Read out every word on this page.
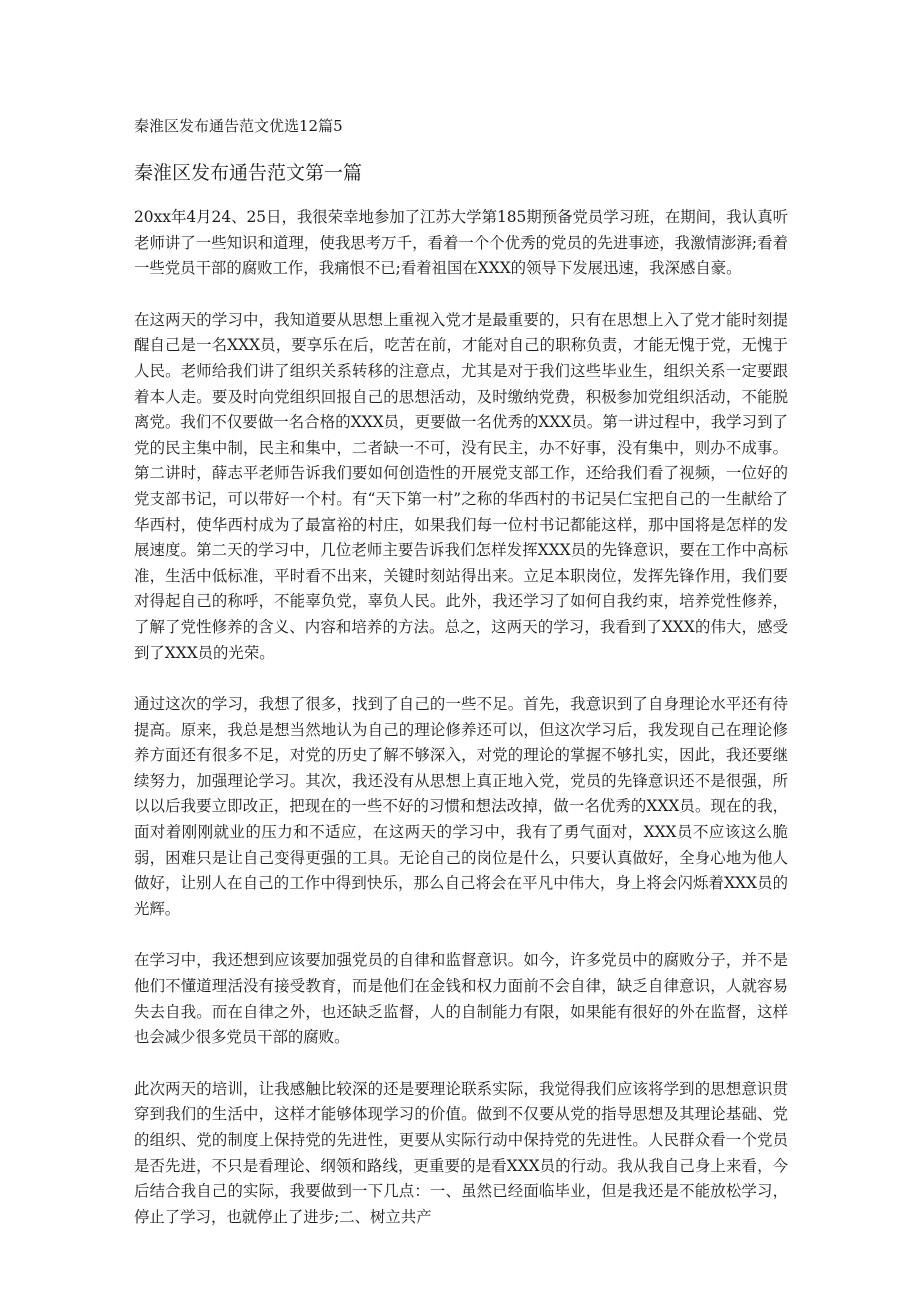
秦淮区发布通告范文优选12篇5
秦淮区发布通告范文第一篇

20xx年4月24、25日，我很荣幸地参加了江苏大学第185期预备党员学习班，在期间，我认真听老师讲了一些知识和道理，使我思考万千，看着一个个优秀的党员的先进事迹，我激情澎湃;看着一些党员干部的腐败工作，我痛恨不已;看着祖国在XXX的领导下发展迅速，我深感自豪。

在这两天的学习中，我知道要从思想上重视入党才是最重要的，只有在思想上入了党才能时刻提醒自己是一名XXX员，要享乐在后，吃苦在前，才能对自己的职称负责，才能无愧于党，无愧于人民。老师给我们讲了组织关系转移的注意点，尤其是对于我们这些毕业生，组织关系一定要跟着本人走。要及时向党组织回报自己的思想活动，及时缴纳党费，积极参加党组织活动，不能脱离党。我们不仅要做一名合格的XXX员，更要做一名优秀的XXX员。第一讲过程中，我学习到了党的民主集中制，民主和集中，二者缺一不可，没有民主，办不好事，没有集中，则办不成事。第二讲时，薛志平老师告诉我们要如何创造性的开展党支部工作，还给我们看了视频，一位好的党支部书记，可以带好一个村。有“天下第一村”之称的华西村的书记吴仁宝把自己的一生献给了华西村，使华西村成为了最富裕的村庄，如果我们每一位村书记都能这样，那中国将是怎样的发展速度。第二天的学习中，几位老师主要告诉我们怎样发挥XXX员的先锋意识，要在工作中高标准，生活中低标准，平时看不出来，关键时刻站得出来。立足本职岗位，发挥先锋作用，我们要对得起自己的称呼，不能辜负党，辜负人民。此外，我还学习了如何自我约束，培养党性修养，了解了党性修养的含义、内容和培养的方法。总之，这两天的学习，我看到了XXX的伟大，感受到了XXX员的光荣。

通过这次的学习，我想了很多，找到了自己的一些不足。首先，我意识到了自身理论水平还有待提高。原来，我总是想当然地认为自己的理论修养还可以，但这次学习后，我发现自己在理论修养方面还有很多不足，对党的历史了解不够深入，对党的理论的掌握不够扎实，因此，我还要继续努力，加强理论学习。其次，我还没有从思想上真正地入党，党员的先锋意识还不是很强，所以以后我要立即改正，把现在的一些不好的习惯和想法改掉，做一名优秀的XXX员。现在的我，面对着刚刚就业的压力和不适应，在这两天的学习中，我有了勇气面对，XXX员不应该这么脆弱，困难只是让自己变得更强的工具。无论自己的岗位是什么，只要认真做好，全身心地为他人做好，让别人在自己的工作中得到快乐，那么自己将会在平凡中伟大，身上将会闪烁着XXX员的光辉。

在学习中，我还想到应该要加强党员的自律和监督意识。如今，许多党员中的腐败分子，并不是他们不懂道理活没有接受教育，而是他们在金钱和权力面前不会自律，缺乏自律意识，人就容易失去自我。而在自律之外，也还缺乏监督，人的自制能力有限，如果能有很好的外在监督，这样也会减少很多党员干部的腐败。

此次两天的培训，让我感触比较深的还是要理论联系实际，我觉得我们应该将学到的思想意识贯穿到我们的生活中，这样才能够体现学习的价值。做到不仅要从党的指导思想及其理论基础、党的组织、党的制度上保持党的先进性，更要从实际行动中保持党的先进性。人民群众看一个党员是否先进，不只是看理论、纲领和路线，更重要的是看XXX员的行动。我从我自己身上来看，今后结合我自己的实际，我要做到一下几点：一、虽然已经面临毕业，但是我还是不能放松学习，停止了学习，也就停止了进步;二、树立共产
